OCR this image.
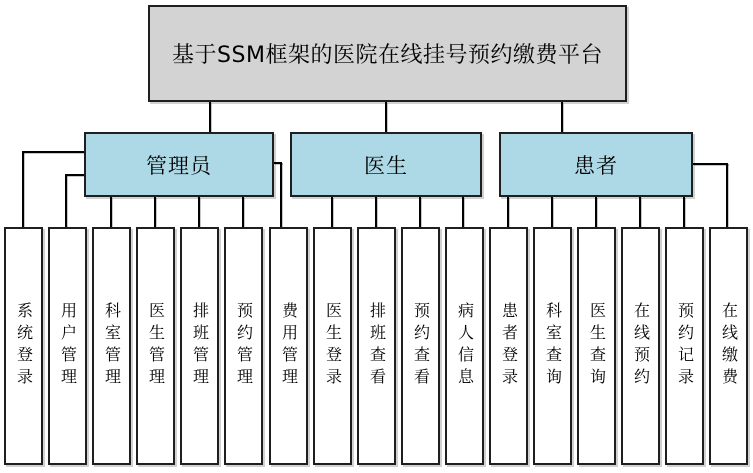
基于SSM框架的医院在线挂号预约缴费平台
管理员	医生	患者
系统登录 用户管理 科室管理 医生管理 排班管理 预约管理 费用管理 医生登录 排班查看 预约查看 病人信息 患者登录 科室查询 医生查询 在线预约 预约记录 在线缴费
